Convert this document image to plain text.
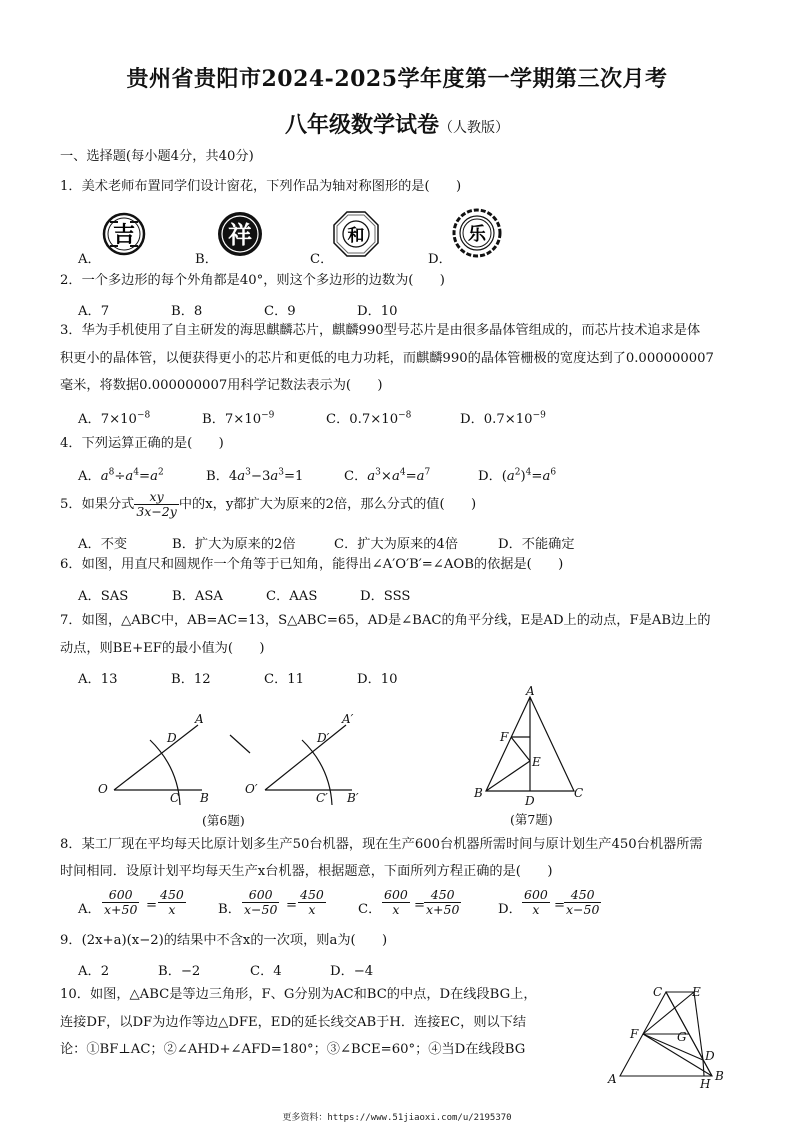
贵州省贵阳市2024-2025学年度第一学期第三次月考
八年级数学试卷（人教版）
一、选择题(每小题4分，共40分)
1．美术老师布置同学们设计窗花，下列作品为轴对称图形的是(　　)
A．	B．	C．	D．
吉	祥	和	乐
2．一个多边形的每个外角都是40°，则这个多边形的边数为(　　)
A．7	B．8	C．9	D．10
3．华为手机使用了自主研发的海思麒麟芯片，麒麟990型号芯片是由很多晶体管组成的，而芯片技术追求是体
积更小的晶体管，以便获得更小的芯片和更低的电力功耗，而麒麟990的晶体管栅极的宽度达到了0.000000007
毫米，将数据0.000000007用科学记数法表示为(　　)
A．$7\times 10^{-8}$	B．$7\times 10^{-9}$	C．$0.7\times 10^{-8}$	D．$0.7\times 10^{-9}$
4．下列运算正确的是(　　)
A．$a^8\div a^4=a^2$	B．$4a^3-3a^3=1$	C．$a^3\times a^4=a^7$	D．$(a^2)^4=a^6$
5．如果分式 $\frac{xy}{3x-2y}$ 中的x，y都扩大为原来的2倍，那么分式的值(　　)
A．不变	B．扩大为原来的2倍	C．扩大为原来的4倍	D．不能确定
6．如图，用直尺和圆规作一个角等于已知角，能得出∠A′O′B′=∠AOB的依据是(　　)
A．SAS	B．ASA	C．AAS	D．SSS
7．如图，△ABC中，AB=AC=13，S△ABC=65，AD是∠BAC的角平分线，E是AD上的动点，F是AB边上的
动点，则BE+EF的最小值为(　　)
A．13	B．12	C．11	D．10
A
D
O
C B
A′
D′
O′
C′ B′
(第6题)
A
F
E
B
D
C
(第7题)
8．某工厂现在平均每天比原计划多生产50台机器，现在生产600台机器所需时间与原计划生产450台机器所需
时间相同．设原计划平均每天生产x台机器，根据题意，下面所列方程正确的是(　　)
A． $\frac{600}{x+50} = \frac{450}{x}$ B． $\frac{600}{x-50} = \frac{450}{x}$ C． $\frac{600}{x}$ =
$\frac{450}{x+50}$	D． $\frac{600}{x}$ =
$\frac{450}{x-50}$
9．(2x+a)(x−2)的结果中不含x的一次项，则a为(　　)
A．2	B．−2	C．4	D．−4
10．如图，△ABC是等边三角形，F、G分别为AC和BC的中点，D在线段BG上，
连接DF，以DF为边作等边△DFE，ED的延长线交AB于H．连接EC，则以下结
论：①BF⊥AC；②∠AHD+∠AFD=180°；③∠BCE=60°；④当D在线段BG
C E
F	G
D
A	H
B
更多资料：https://www.51jiaoxi.com/u/2195370
